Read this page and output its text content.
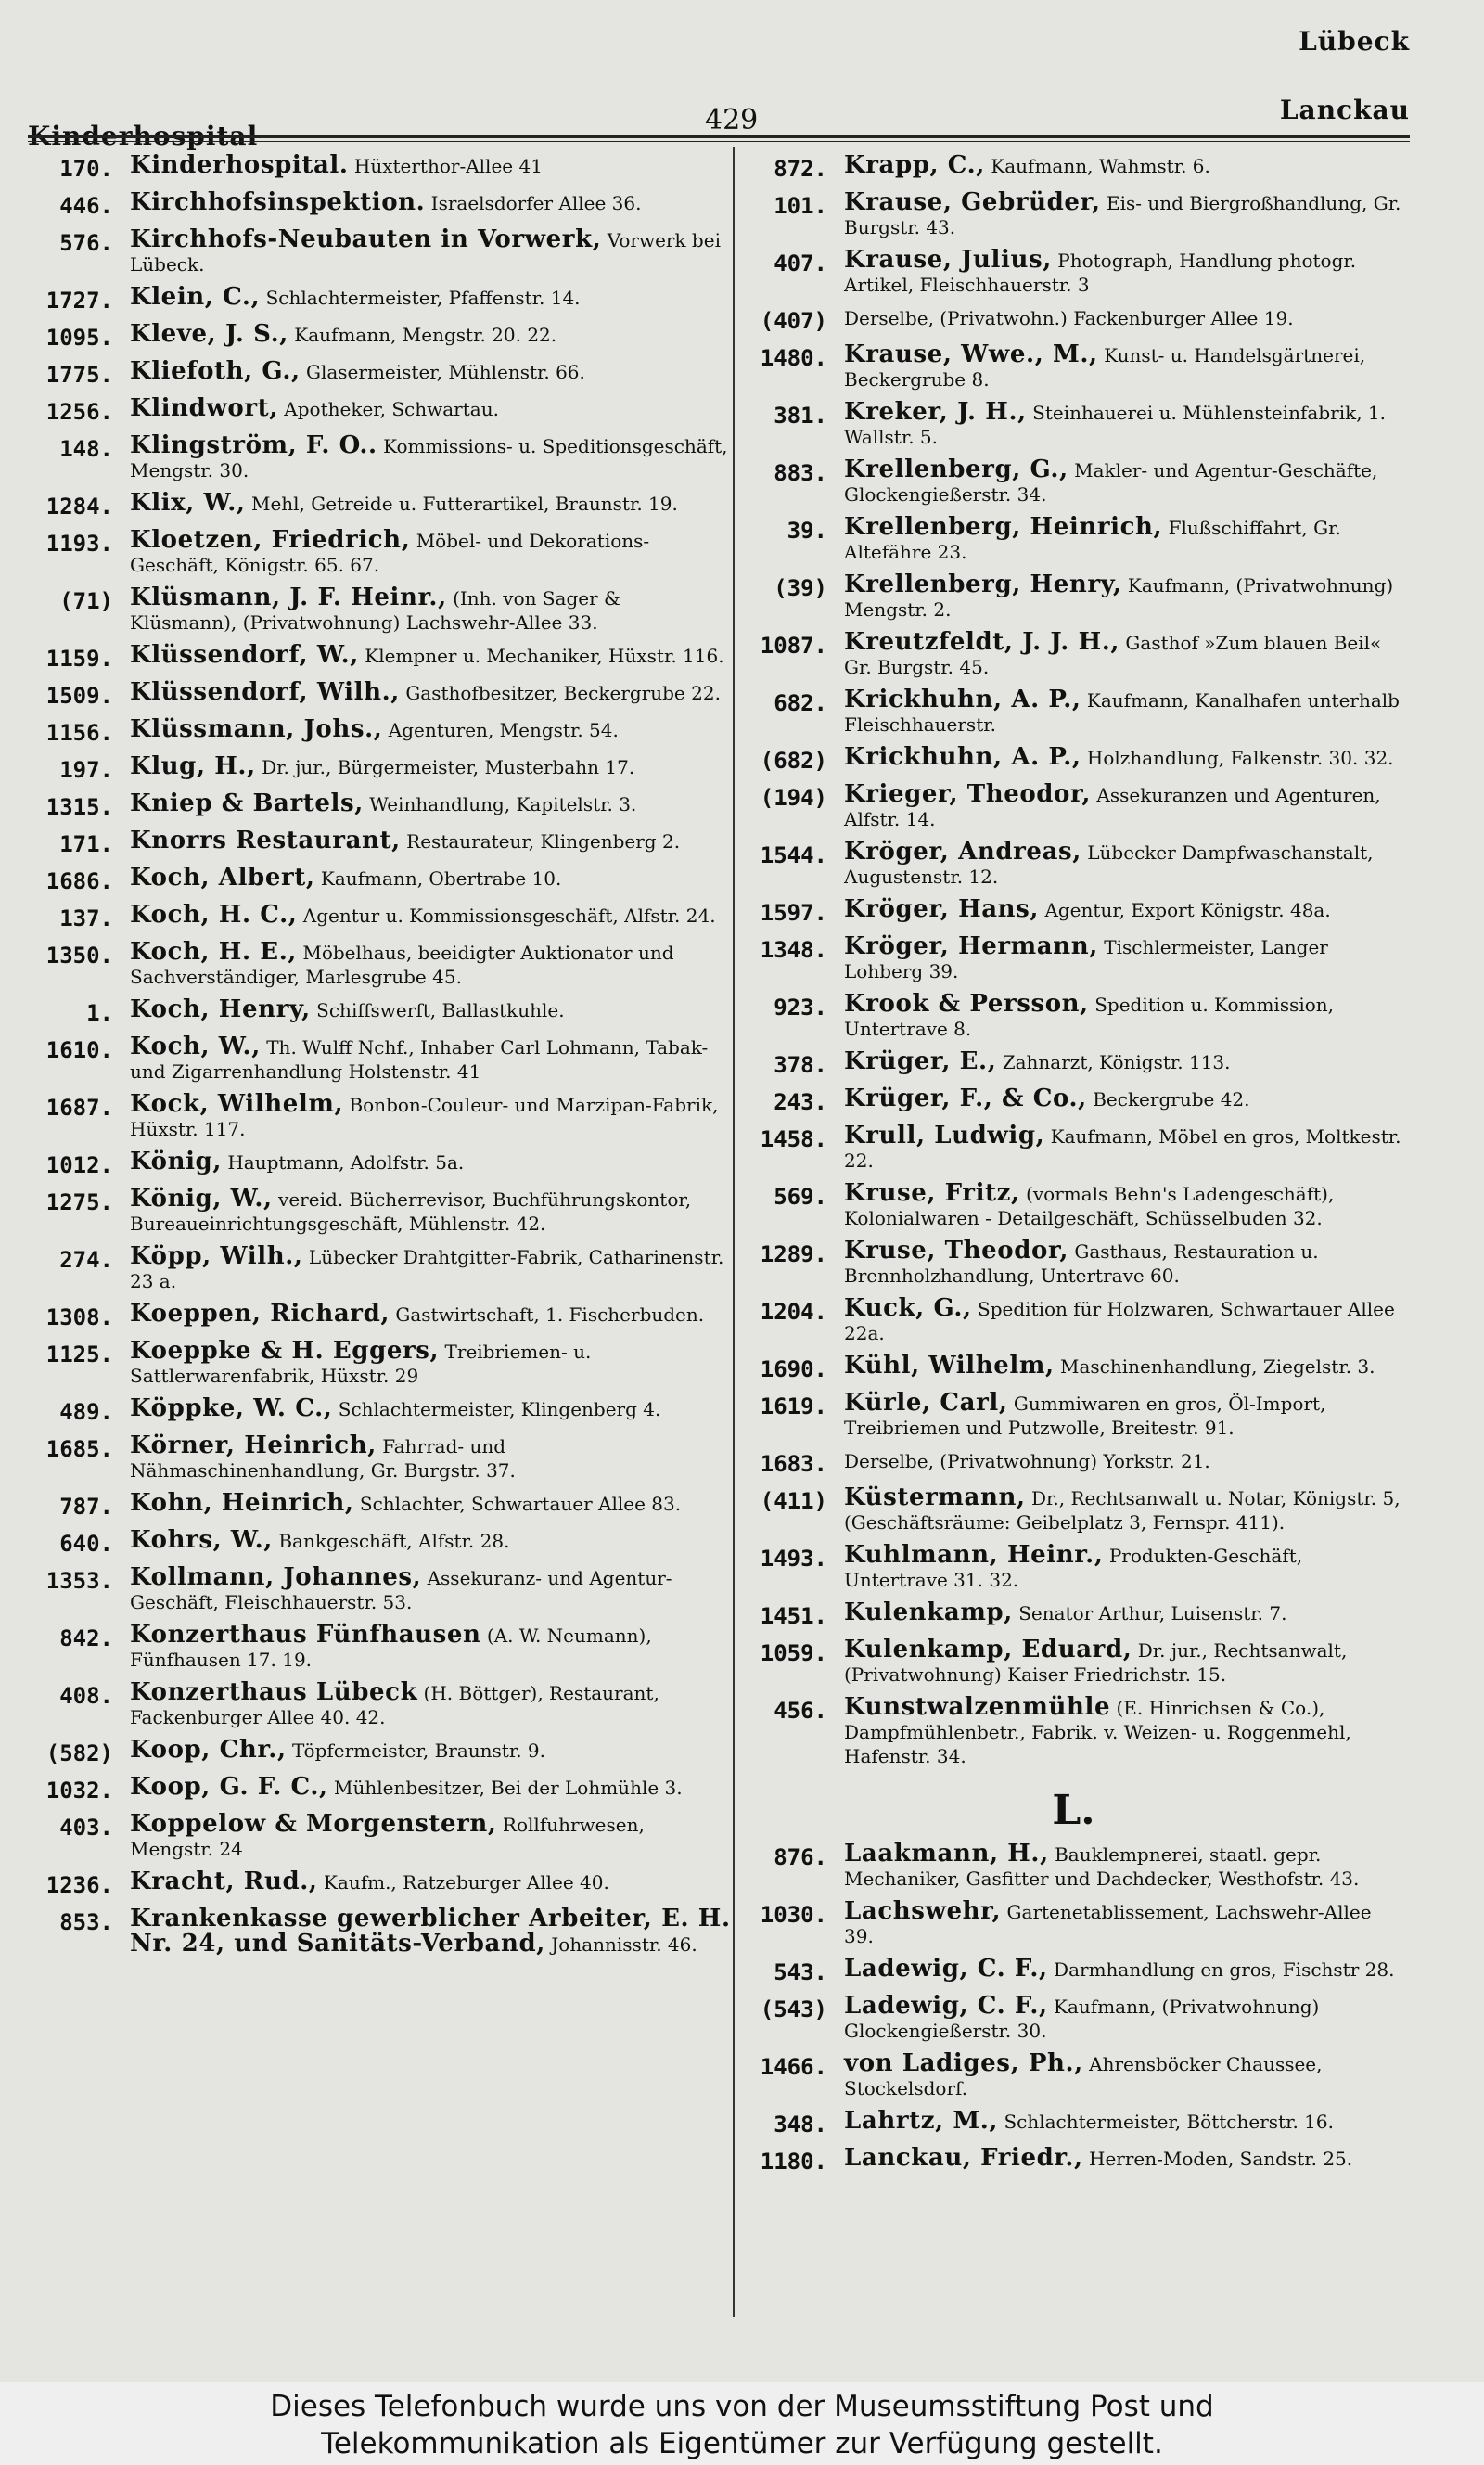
Lübeck
429
Kinderhospital
Lanckau
170. Kinderhospital. Hüxterthor-Allee 41
446. Kirchhofsinspektion. Israelsdorfer Allee 36.
576. Kirchhofs-Neubauten in Vorwerk, Vorwerk bei Lübeck.
1727. Klein, C., Schlachtermeister, Pfaffenstr. 14.
1095. Kleve, J. S., Kaufmann, Mengstr. 20. 22.
1775. Kliefoth, G., Glasermeister, Mühlenstr. 66.
1256. Klindwort, Apotheker, Schwartau.
148. Klingström, F. O.. Kommissions- u. Speditionsgeschäft, Mengstr. 30.
1284. Klix, W., Mehl, Getreide u. Futterartikel, Braunstr. 19.
1193. Kloetzen, Friedrich, Möbel- und Dekorations-Geschäft, Königstr. 65. 67.
(71) Klüsmann, J. F. Heinr., (Inh. von Sager & Klüsmann), (Privatwohnung) Lachswehr-Allee 33.
1159. Klüssendorf, W., Klempner u. Mechaniker, Hüxstr. 116.
1509. Klüssendorf, Wilh., Gasthofbesitzer, Beckergrube 22.
1156. Klüssmann, Johs., Agenturen, Mengstr. 54.
197. Klug, H., Dr. jur., Bürgermeister, Musterbahn 17.
1315. Kniep & Bartels, Weinhandlung, Kapitelstr. 3.
171. Knorrs Restaurant, Restaurateur, Klingenberg 2.
1686. Koch, Albert, Kaufmann, Obertrabe 10.
137. Koch, H. C., Agentur u. Kommissionsgeschäft, Alfstr. 24.
1350. Koch, H. E., Möbelhaus, beeidigter Auktionator und Sachverständiger, Marlesgrube 45.
1. Koch, Henry, Schiffswerft, Ballastkuhle.
1610. Koch, W., Th. Wulff Nchf., Inhaber Carl Lohmann, Tabak- und Zigarrenhandlung Holstenstr. 41
1687. Kock, Wilhelm, Bonbon-Couleur- und Marzipan-Fabrik, Hüxstr. 117.
1012. König, Hauptmann, Adolfstr. 5a.
1275. König, W., vereid. Bücherrevisor, Buchführungskontor, Bureaueinrichtungsgeschäft, Mühlenstr. 42.
274. Köpp, Wilh., Lübecker Drahtgitter-Fabrik, Catharinenstr. 23 a.
1308. Koeppen, Richard, Gastwirtschaft, 1. Fischerbuden.
1125. Koeppke & H. Eggers, Treibriemen- u. Sattlerwarenfabrik, Hüxstr. 29
489. Köppke, W. C., Schlachtermeister, Klingenberg 4.
1685. Körner, Heinrich, Fahrrad- und Nähmaschinenhandlung, Gr. Burgstr. 37.
787. Kohn, Heinrich, Schlachter, Schwartauer Allee 83.
640. Kohrs, W., Bankgeschäft, Alfstr. 28.
1353. Kollmann, Johannes, Assekuranz- und Agentur-Geschäft, Fleischhauerstr. 53.
842. Konzerthaus Fünfhausen (A. W. Neumann), Fünfhausen 17. 19.
408. Konzerthaus Lübeck (H. Böttger), Restaurant, Fackenburger Allee 40. 42.
(582) Koop, Chr., Töpfermeister, Braunstr. 9.
1032. Koop, G. F. C., Mühlenbesitzer, Bei der Lohmühle 3.
403. Koppelow & Morgenstern, Rollfuhrwesen, Mengstr. 24
1236. Kracht, Rud., Kaufm., Ratzeburger Allee 40.
853. Krankenkasse gewerblicher Arbeiter, E. H. Nr. 24, und Sanitäts-Verband, Johannisstr. 46.
872. Krapp, C., Kaufmann, Wahmstr. 6.
101. Krause, Gebrüder, Eis- und Biergroßhandlung, Gr. Burgstr. 43.
407. Krause, Julius, Photograph, Handlung photogr. Artikel, Fleischhauerstr. 3
(407) Derselbe, (Privatwohn.) Fackenburger Allee 19.
1480. Krause, Wwe., M., Kunst- u. Handelsgärtnerei, Beckergrube 8.
381. Kreker, J. H., Steinhauerei u. Mühlensteinfabrik, 1. Wallstr. 5.
883. Krellenberg, G., Makler- und Agentur-Geschäfte, Glockengießerstr. 34.
39. Krellenberg, Heinrich, Flußschiffahrt, Gr. Altefähre 23.
(39) Krellenberg, Henry, Kaufmann, (Privatwohnung) Mengstr. 2.
1087. Kreutzfeldt, J. J. H., Gasthof »Zum blauen Beil« Gr. Burgstr. 45.
682. Krickhuhn, A. P., Kaufmann, Kanalhafen unterhalb Fleischhauerstr.
(682) Krickhuhn, A. P., Holzhandlung, Falkenstr. 30. 32.
(194) Krieger, Theodor, Assekuranzen und Agenturen, Alfstr. 14.
1544. Kröger, Andreas, Lübecker Dampfwaschanstalt, Augustenstr. 12.
1597. Kröger, Hans, Agentur, Export Königstr. 48a.
1348. Kröger, Hermann, Tischlermeister, Langer Lohberg 39.
923. Krook & Persson, Spedition u. Kommission, Untertrave 8.
378. Krüger, E., Zahnarzt, Königstr. 113.
243. Krüger, F., & Co., Beckergrube 42.
1458. Krull, Ludwig, Kaufmann, Möbel en gros, Moltkestr. 22.
569. Kruse, Fritz, (vormals Behn's Ladengeschäft), Kolonialwaren - Detailgeschäft, Schüsselbuden 32.
1289. Kruse, Theodor, Gasthaus, Restauration u. Brennholzhandlung, Untertrave 60.
1204. Kuck, G., Spedition für Holzwaren, Schwartauer Allee 22a.
1690. Kühl, Wilhelm, Maschinenhandlung, Ziegelstr. 3.
1619. Kürle, Carl, Gummiwaren en gros, Öl-Import, Treibriemen und Putzwolle, Breitestr. 91.
1683. Derselbe, (Privatwohnung) Yorkstr. 21.
(411) Küstermann, Dr., Rechtsanwalt u. Notar, Königstr. 5, (Geschäftsräume: Geibelplatz 3, Fernspr. 411).
1493. Kuhlmann, Heinr., Produkten-Geschäft, Untertrave 31. 32.
1451. Kulenkamp, Senator Arthur, Luisenstr. 7.
1059. Kulenkamp, Eduard, Dr. jur., Rechtsanwalt, (Privatwohnung) Kaiser Friedrichstr. 15.
456. Kunstwalzenmühle (E. Hinrichsen & Co.), Dampfmühlenbetr., Fabrik. v. Weizen- u. Roggenmehl, Hafenstr. 34.
L.
876. Laakmann, H., Bauklempnerei, staatl. gepr. Mechaniker, Gasfitter und Dachdecker, Westhofstr. 43.
1030. Lachswehr, Gartenetablissement, Lachswehr-Allee 39.
543. Ladewig, C. F., Darmhandlung en gros, Fischstr 28.
(543) Ladewig, C. F., Kaufmann, (Privatwohnung) Glockengießerstr. 30.
1466. von Ladiges, Ph., Ahrensböcker Chaussee, Stockelsdorf.
348. Lahrtz, M., Schlachtermeister, Böttcherstr. 16.
1180. Lanckau, Friedr., Herren-Moden, Sandstr. 25.
Dieses Telefonbuch wurde uns von der Museumsstiftung Post und
Telekommunikation als Eigentümer zur Verfügung gestellt.
